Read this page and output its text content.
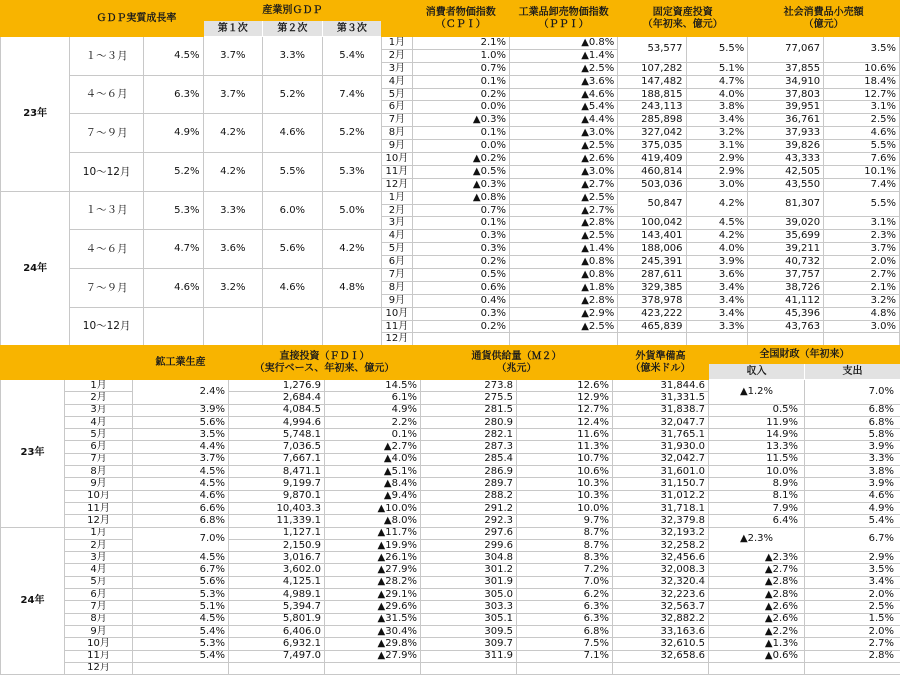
	ＧＤＰ実質成長率		産業別ＧＤＰ				消費者物価指数
（ＣＰＩ）	工業品卸売物価指数
（ＰＰＩ）	固定資産投資
（年初来、億元）		社会消費品小売額
（億元）	
			第１次	第２次	第３次							
23年	１～３月	4.5%	3.7%	3.3%	5.4%	1月	2.1%	▲0.8%	53,577	5.5%	77,067	3.5%
						2月	1.0%	▲1.4%				
						3月	0.7%	▲2.5%	107,282	5.1%	37,855	10.6%
	４～６月	6.3%	3.7%	5.2%	7.4%	4月	0.1%	▲3.6%	147,482	4.7%	34,910	18.4%
						5月	0.2%	▲4.6%	188,815	4.0%	37,803	12.7%
						6月	0.0%	▲5.4%	243,113	3.8%	39,951	3.1%
	７～９月	4.9%	4.2%	4.6%	5.2%	7月	▲0.3%	▲4.4%	285,898	3.4%	36,761	2.5%
						8月	0.1%	▲3.0%	327,042	3.2%	37,933	4.6%
						9月	0.0%	▲2.5%	375,035	3.1%	39,826	5.5%
	10～12月	5.2%	4.2%	5.5%	5.3%	10月	▲0.2%	▲2.6%	419,409	2.9%	43,333	7.6%
						11月	▲0.5%	▲3.0%	460,814	2.9%	42,505	10.1%
						12月	▲0.3%	▲2.7%	503,036	3.0%	43,550	7.4%
24年	１～３月	5.3%	3.3%	6.0%	5.0%	1月	▲0.8%	▲2.5%	50,847	4.2%	81,307	5.5%
						2月	0.7%	▲2.7%				
						3月	0.1%	▲2.8%	100,042	4.5%	39,020	3.1%
	４～６月	4.7%	3.6%	5.6%	4.2%	4月	0.3%	▲2.5%	143,401	4.2%	35,699	2.3%
						5月	0.3%	▲1.4%	188,006	4.0%	39,211	3.7%
						6月	0.2%	▲0.8%	245,391	3.9%	40,732	2.0%
	７～９月	4.6%	3.2%	4.6%	4.8%	7月	0.5%	▲0.8%	287,611	3.6%	37,757	2.7%
						8月	0.6%	▲1.8%	329,385	3.4%	38,726	2.1%
						9月	0.4%	▲2.8%	378,978	3.4%	41,112	3.2%
	10～12月					10月	0.3%	▲2.9%	423,222	3.4%	45,396	4.8%
						11月	0.2%	▲2.5%	465,839	3.3%	43,763	3.0%
						12月						
		鉱工業生産	直接投資（ＦＤＩ）
（実行ベース、年初来、億元）		通貨供給量（Ｍ２）
（兆元）		外貨準備高
（億米ドル）	全国財政（年初来）	
								収入	支出
23年	1月	2.4%	1,276.9	14.5%	273.8	12.6%	31,844.6	▲1.2%	7.0%
	2月		2,684.4	6.1%	275.5	12.9%	31,331.5		
	3月	3.9%	4,084.5	4.9%	281.5	12.7%	31,838.7	0.5%	6.8%
	4月	5.6%	4,994.6	2.2%	280.9	12.4%	32,047.7	11.9%	6.8%
	5月	3.5%	5,748.1	0.1%	282.1	11.6%	31,765.1	14.9%	5.8%
	6月	4.4%	7,036.5	▲2.7%	287.3	11.3%	31,930.0	13.3%	3.9%
	7月	3.7%	7,667.1	▲4.0%	285.4	10.7%	32,042.7	11.5%	3.3%
	8月	4.5%	8,471.1	▲5.1%	286.9	10.6%	31,601.0	10.0%	3.8%
	9月	4.5%	9,199.7	▲8.4%	289.7	10.3%	31,150.7	8.9%	3.9%
	10月	4.6%	9,870.1	▲9.4%	288.2	10.3%	31,012.2	8.1%	4.6%
	11月	6.6%	10,403.3	▲10.0%	291.2	10.0%	31,718.1	7.9%	4.9%
	12月	6.8%	11,339.1	▲8.0%	292.3	9.7%	32,379.8	6.4%	5.4%
24年	1月	7.0%	1,127.1	▲11.7%	297.6	8.7%	32,193.2	▲2.3%	6.7%
	2月		2,150.9	▲19.9%	299.6	8.7%	32,258.2		
	3月	4.5%	3,016.7	▲26.1%	304.8	8.3%	32,456.6	▲2.3%	2.9%
	4月	6.7%	3,602.0	▲27.9%	301.2	7.2%	32,008.3	▲2.7%	3.5%
	5月	5.6%	4,125.1	▲28.2%	301.9	7.0%	32,320.4	▲2.8%	3.4%
	6月	5.3%	4,989.1	▲29.1%	305.0	6.2%	32,223.6	▲2.8%	2.0%
	7月	5.1%	5,394.7	▲29.6%	303.3	6.3%	32,563.7	▲2.6%	2.5%
	8月	4.5%	5,801.9	▲31.5%	305.1	6.3%	32,882.2	▲2.6%	1.5%
	9月	5.4%	6,406.0	▲30.4%	309.5	6.8%	33,163.6	▲2.2%	2.0%
	10月	5.3%	6,932.1	▲29.8%	309.7	7.5%	32,610.5	▲1.3%	2.7%
	11月	5.4%	7,497.0	▲27.9%	311.9	7.1%	32,658.6	▲0.6%	2.8%
	12月								
